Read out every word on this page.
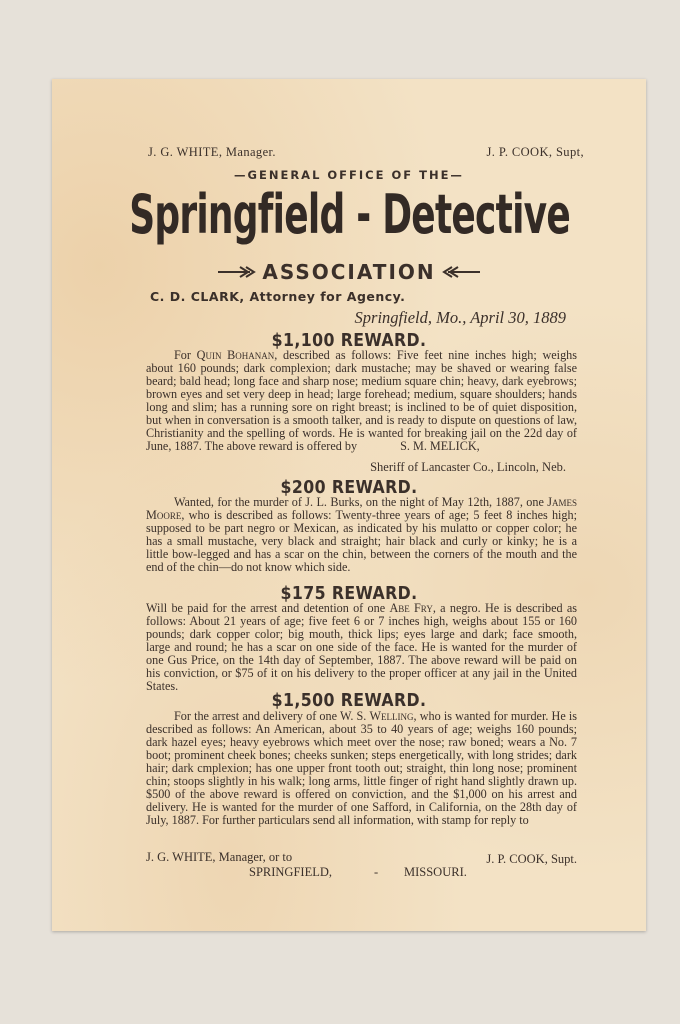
J. G. WHITE, Manager.	J. P. COOK, Supt,
—GENERAL OFFICE OF THE—
Springfield - Detective
ASSOCIATION
C. D. CLARK, Attorney for Agency.
Springfield, Mo., April 30, 1889
$1,100 REWARD.
For Quin Bohanan, described as follows: Five feet nine inches high; weighs about 160 pounds; dark complexion; dark mustache; may be shaved or wearing false beard; bald head; long face and sharp nose; medium square chin; heavy, dark eyebrows; brown eyes and set very deep in head; large forehead; medium, square shoulders; hands long and slim; has a running sore on right breast; is inclined to be of quiet disposition, but when in conversation is a smooth talker, and is ready to dispute on questions of law, Christianity and the spelling of words. He is wanted for breaking jail on the 22d day of June, 1887. The above reward is offered by	S. M. MELICK,
Sheriff of Lancaster Co., Lincoln, Neb.
$200 REWARD.
Wanted, for the murder of J. L. Burks, on the night of May 12th, 1887, one James Moore, who is described as follows: Twenty-three years of age; 5 feet 8 inches high; supposed to be part negro or Mexican, as indicated by his mulatto or copper color; he has a small mustache, very black and straight; hair black and curly or kinky; he is a little bow-legged and has a scar on the chin, between the corners of the mouth and the end of the chin—do not know which side.
$175 REWARD.
Will be paid for the arrest and detention of one Abe Fry, a negro. He is described as follows: About 21 years of age; five feet 6 or 7 inches high, weighs about 155 or 160 pounds; dark copper color; big mouth, thick lips; eyes large and dark; face smooth, large and round; he has a scar on one side of the face. He is wanted for the murder of one Gus Price, on the 14th day of September, 1887. The above reward will be paid on his conviction, or $75 of it on his delivery to the proper officer at any jail in the United States.
$1,500 REWARD.
For the arrest and delivery of one W. S. Welling, who is wanted for murder. He is described as follows: An American, about 35 to 40 years of age; weighs 160 pounds; dark hazel eyes; heavy eyebrows which meet over the nose; raw boned; wears a No. 7 boot; prominent cheek bones; cheeks sunken; steps energetically, with long strides; dark hair; dark cmplexion; has one upper front tooth out; straight, thin long nose; prominent chin; stoops slightly in his walk; long arms, little finger of right hand slightly drawn up. $500 of the above reward is offered on conviction, and the $1,000 on his arrest and delivery. He is wanted for the murder of one Safford, in California, on the 28th day of July, 1887. For further particulars send all information, with stamp for reply to
J. G. WHITE, Manager, or to	J. P. COOK, Supt.
SPRINGFIELD,	- MISSOURI.
